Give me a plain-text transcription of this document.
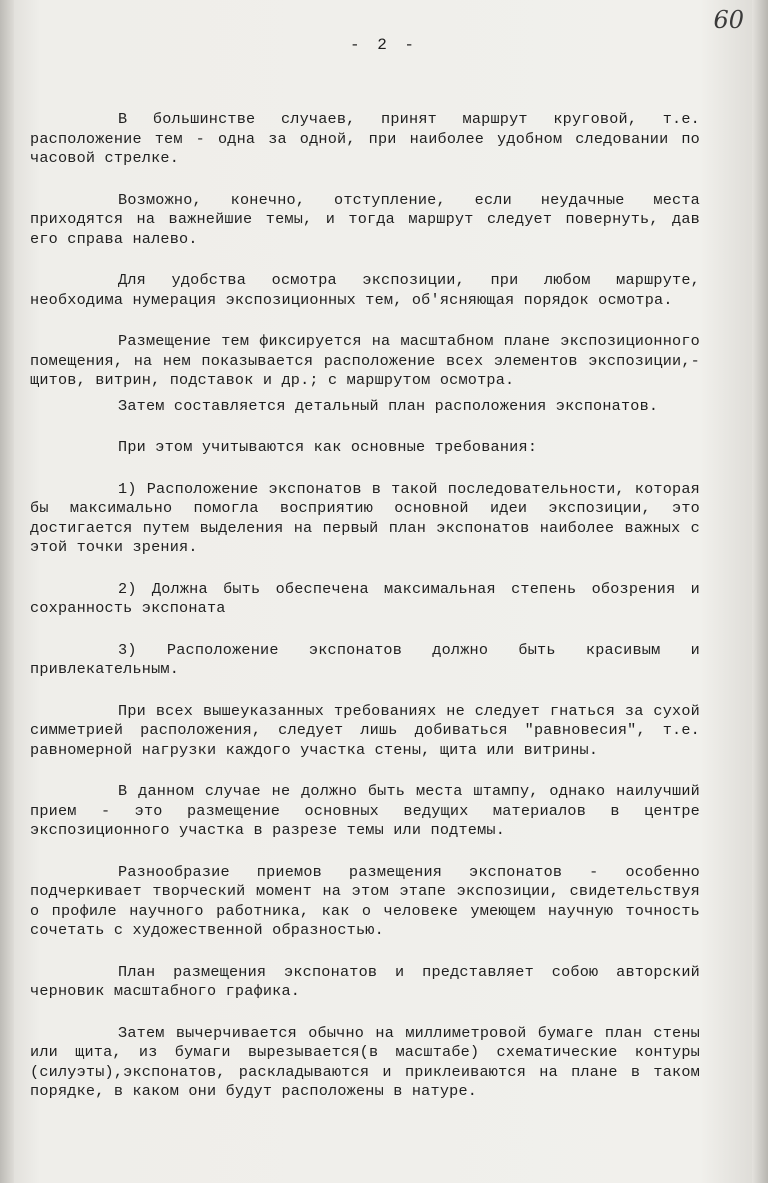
60
- 2 -

В большинстве случаев, принят маршрут круговой, т.е. расположение тем - одна за одной, при наиболее удобном следовании по часовой стрелке.

Возможно, конечно, отступление, если неудачные места приходятся на важнейшие темы, и тогда маршрут следует повернуть, дав его справа налево.

Для удобства осмотра экспозиции, при любом маршруте, необходима нумерация экспозиционных тем, об'ясняющая порядок осмотра.

Размещение тем фиксируется на масштабном плане экспозиционного помещения, на нем показывается расположение всех элементов экспозиции,- щитов, витрин, подставок и др.; с маршрутом осмотра.

Затем составляется детальный план расположения экспонатов.

При этом учитываются как основные требования:

1) Расположение экспонатов в такой последовательности, которая бы максимально помогла восприятию основной идеи экспозиции, это достигается путем выделения на первый план экспонатов наиболее важных с этой точки зрения.

2) Должна быть обеспечена максимальная степень обозрения и сохранность экспоната

3) Расположение экспонатов должно быть красивым и привлекательным.

При всех вышеуказанных требованиях не следует гнаться за сухой симметрией расположения, следует лишь добиваться "равновесия", т.е. равномерной нагрузки каждого участка стены, щита или витрины.

В данном случае не должно быть места штампу, однако наилучший прием - это размещение основных ведущих материалов в центре экспозиционного участка в разрезе темы или подтемы.

Разнообразие приемов размещения экспонатов - особенно подчеркивает творческий момент на этом этапе экспозиции, свидетельствуя о профиле научного работника, как о человеке умеющем научную точность сочетать с художественной образностью.

План размещения экспонатов и представляет собою авторский черновик масштабного графика.

Затем вычерчивается обычно на миллиметровой бумаге план стены или щита, из бумаги вырезывается(в масштабе) схематические контуры (силуэты),экспонатов, раскладываются и приклеиваются на плане в таком порядке, в каком они будут расположены в натуре.
